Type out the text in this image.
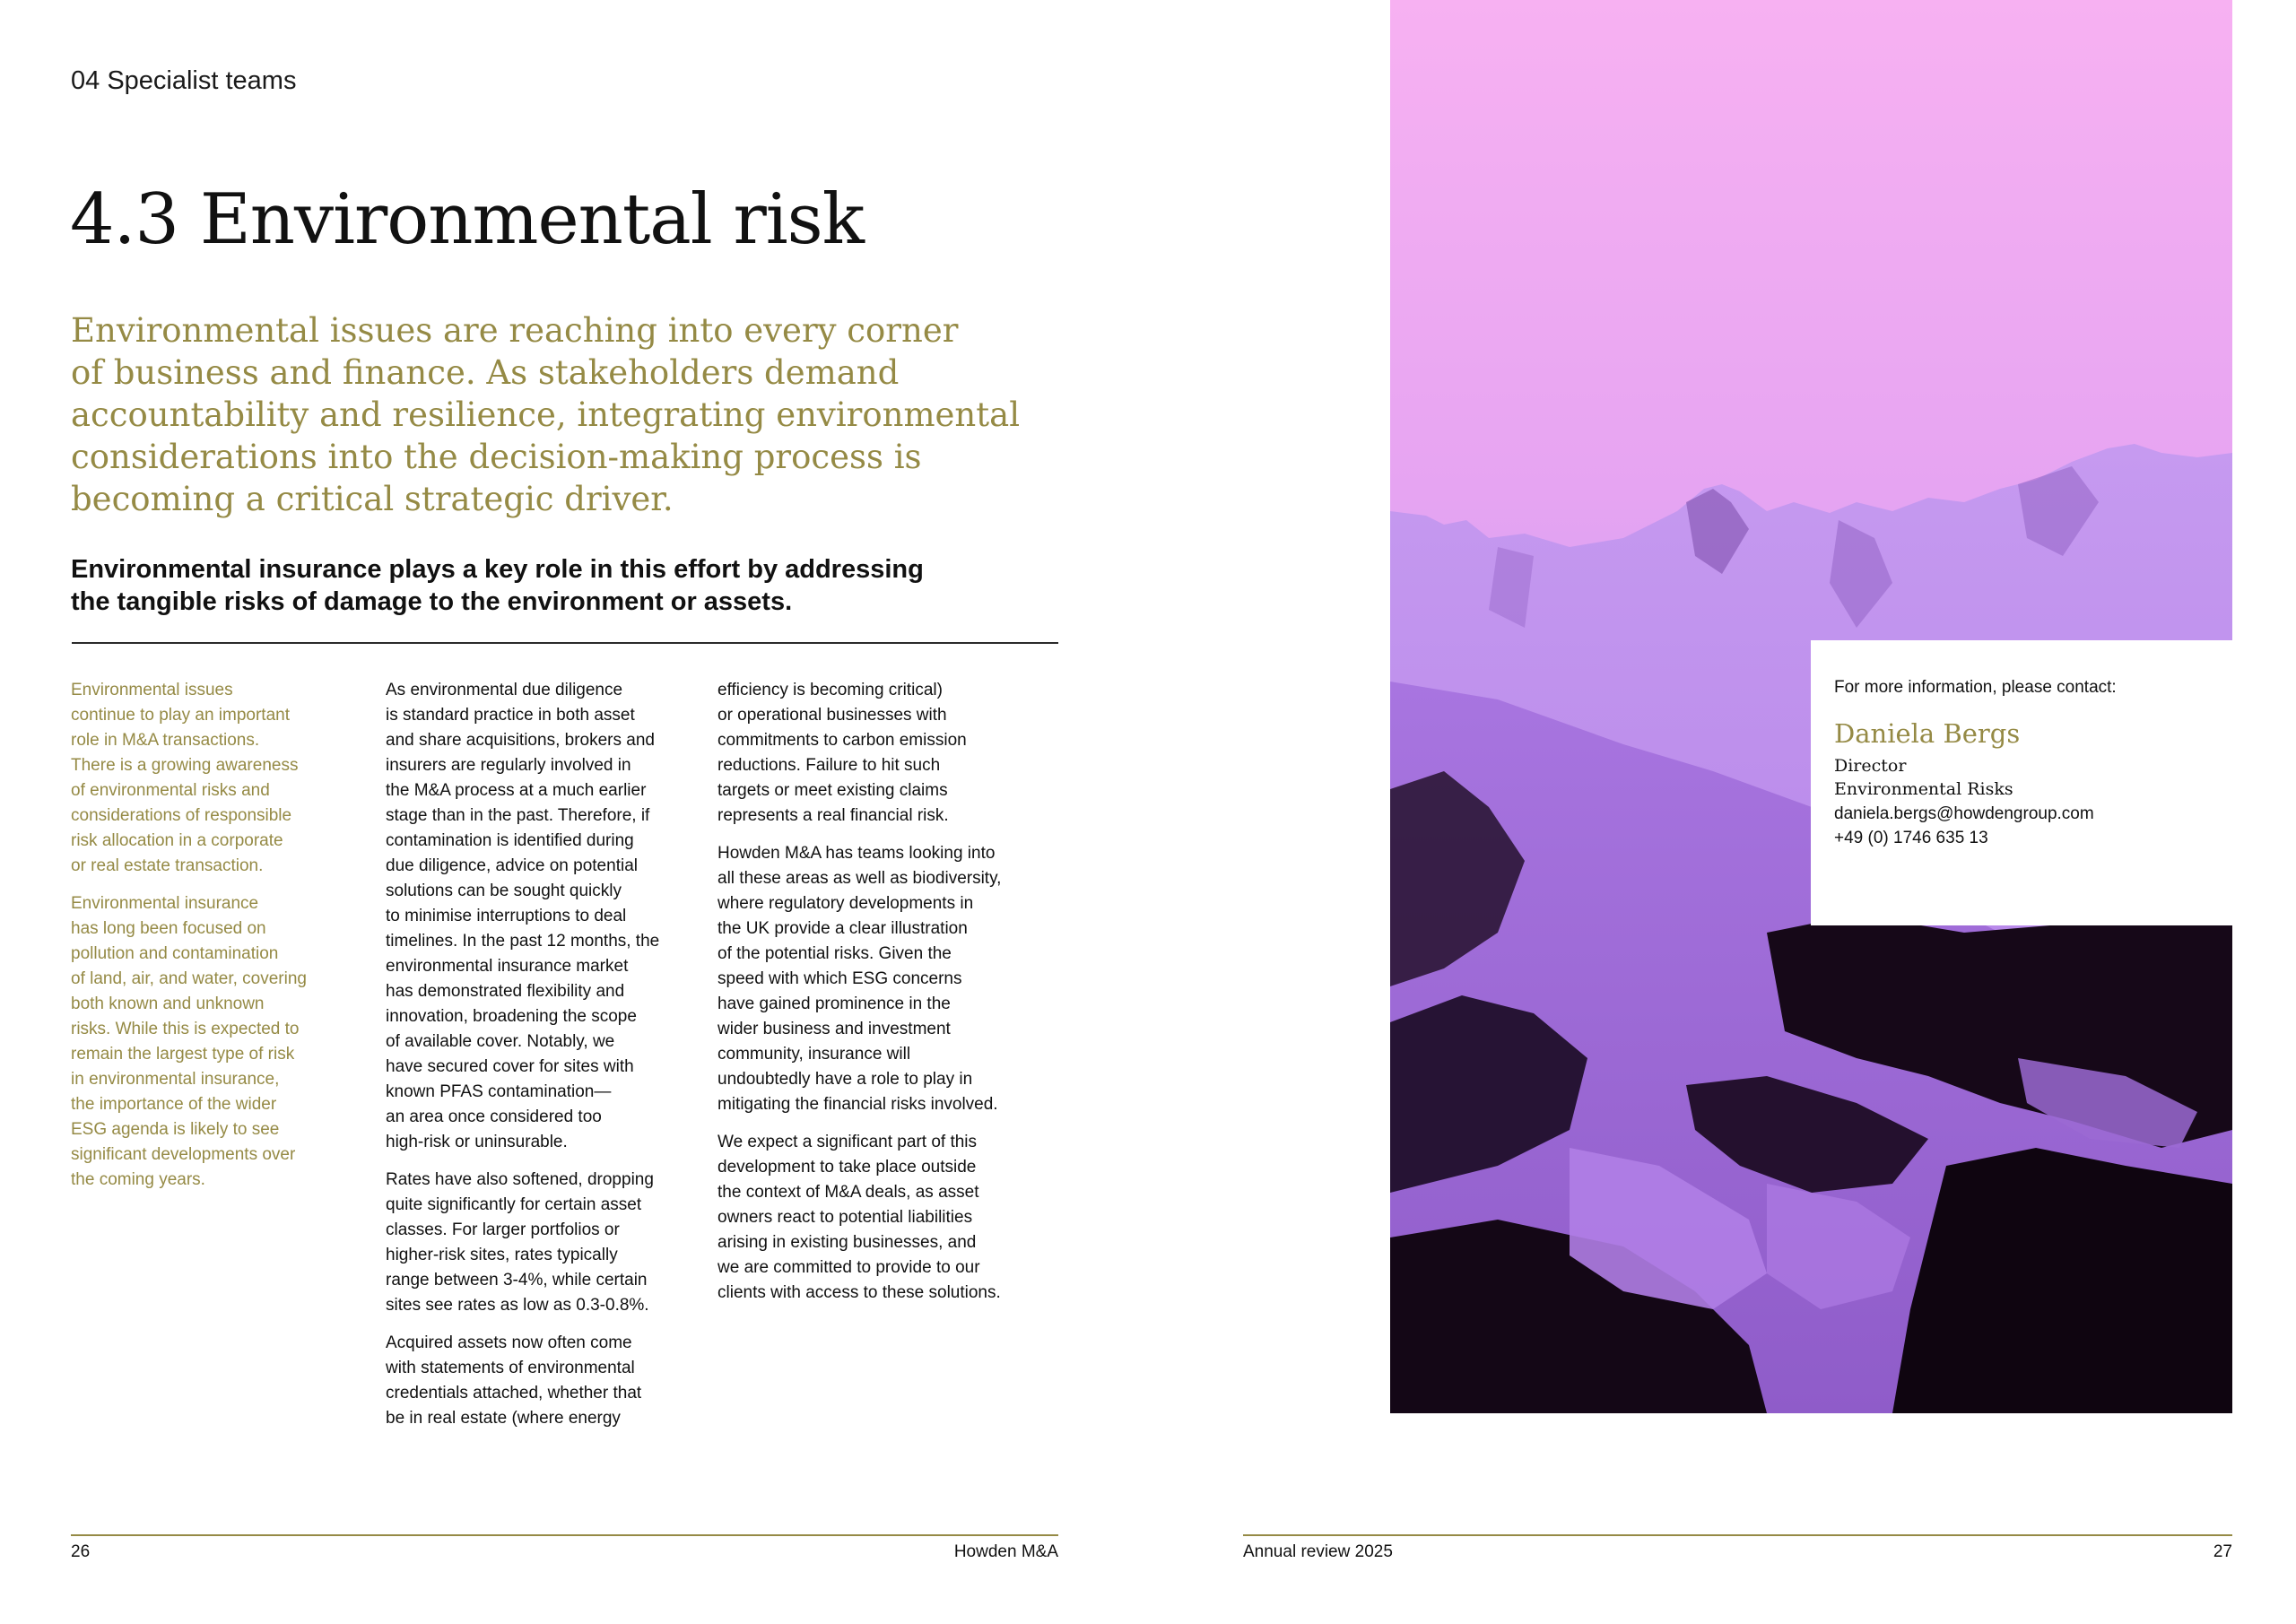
04 Specialist teams
4.3 Environmental risk

Environmental issues are reaching into every corner

of business and finance. As stakeholders demand

accountability and resilience, integrating environmental

considerations into the decision-making process is

becoming a critical strategic driver.

Environmental insurance plays a key role in this effort by addressing

the tangible risks of damage to the environment or assets.

Environmental issues
continue to play an important
role in M&A transactions.
There is a growing awareness
of environmental risks and
considerations of responsible
risk allocation in a corporate
or real estate transaction.

Environmental insurance
has long been focused on
pollution and contamination
of land, air, and water, covering
both known and unknown
risks. While this is expected to
remain the largest type of risk
in environmental insurance,
the importance of the wider
ESG agenda is likely to see
significant developments over
the coming years.

As environmental due diligence
is standard practice in both asset
and share acquisitions, brokers and
insurers are regularly involved in
the M&A process at a much earlier
stage than in the past. Therefore, if
contamination is identified during
due diligence, advice on potential
solutions can be sought quickly
to minimise interruptions to deal
timelines. In the past 12 months, the
environmental insurance market
has demonstrated flexibility and
innovation, broadening the scope
of available cover. Notably, we
have secured cover for sites with
known PFAS contamination—
an area once considered too
high-risk or uninsurable.

Rates have also softened, dropping
quite significantly for certain asset
classes. For larger portfolios or
higher-risk sites, rates typically
range between 3-4%, while certain
sites see rates as low as 0.3-0.8%.

Acquired assets now often come
with statements of environmental
credentials attached, whether that
be in real estate (where energy

efficiency is becoming critical)
or operational businesses with
commitments to carbon emission
reductions. Failure to hit such
targets or meet existing claims
represents a real financial risk.

Howden M&A has teams looking into
all these areas as well as biodiversity,
where regulatory developments in
the UK provide a clear illustration
of the potential risks. Given the
speed with which ESG concerns
have gained prominence in the
wider business and investment
community, insurance will
undoubtedly have a role to play in
mitigating the financial risks involved.

We expect a significant part of this
development to take place outside
the context of M&A deals, as asset
owners react to potential liabilities
arising in existing businesses, and
we are committed to provide to our
clients with access to these solutions.

For more information, please contact:
Daniela Bergs
Director
Environmental Risks
daniela.bergs@howdengroup.com
+49 (0) 1746 635 13
26	Howden M&A	Annual review 2025	27
